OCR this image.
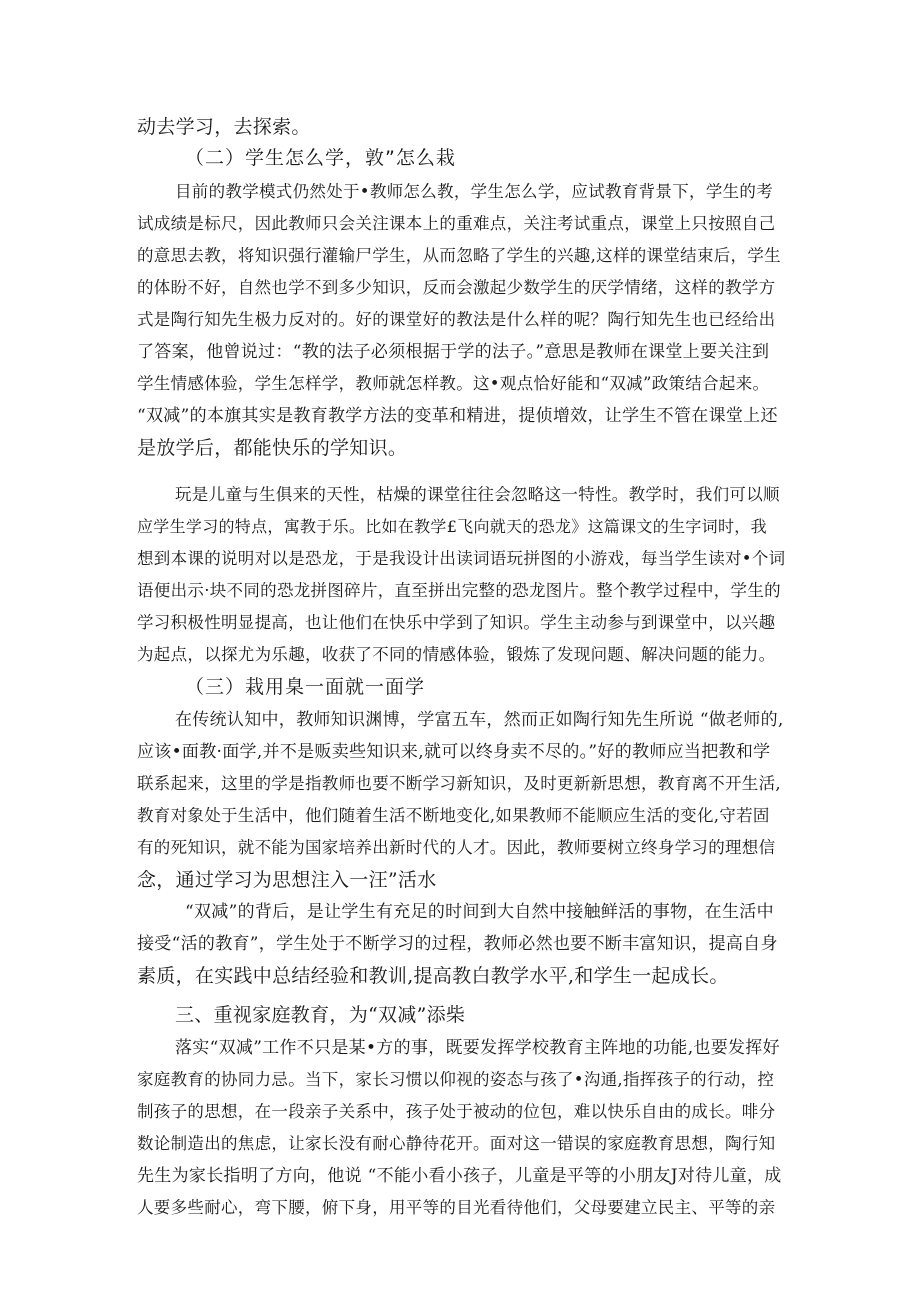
动去学习，去探索。
（二）学生怎么学，敦”怎么栽
目前的教学模式仍然处于•教师怎么教，学生怎么学，应试教育背景下，学生的考
试成绩是标尺，因此教师只会关注课本上的重难点，关注考试重点，课堂上只按照自己
的意思去教，将知识强行灌输尸学生，从而忽略了学生的兴趣,这样的课堂结束后，学生
的体盼不好，自然也学不到多少知识，反而会激起少数学生的厌学情绪，这样的教学方
式是陶行知先生极力反对的。好的课堂好的教法是什么样的呢？陶行知先生也已经给出
了答案，他曾说过：“教的法子必须根据于学的法子。”意思是教师在课堂上要关注到
学生情感体验，学生怎样学，教师就怎样教。这•观点恰好能和“双减”政策结合起来。
“双减”的本旗其实是教育教学方法的变革和精进，提侦增效，让学生不管在课堂上还
是放学后，都能快乐的学知识。
玩是儿童与生俱来的天性，枯燥的课堂往往会忽略这一特性。教学时，我们可以顺
应学生学习的特点，寓教于乐。比如在教学£飞向就天的恐龙》这篇课文的生字词时，我
想到本课的说明对以是恐龙，于是我设计出读词语玩拼图的小游戏，每当学生读对•个词
语便出示·块不同的恐龙拼图碎片，直至拼出完整的恐龙图片。整个教学过程中，学生的
学习积极性明显提高，也让他们在快乐中学到了知识。学生主动参与到课堂中，以兴趣
为起点，以探尤为乐趣，收获了不同的情感体验，锻炼了发现问题、解决问题的能力。
（三）栽用臬一面就一面学
在传统认知中，教师知识渊博，学富五车，然而正如陶行知先生所说 “做老师的,
应该•面教·面学,并不是贩卖些知识来,就可以终身卖不尽的。”好的教师应当把教和学
联系起来，这里的学是指教师也要不断学习新知识，及时更新新思想，教育离不开生活,
教育对象处于生活中，他们随着生活不断地变化,如果教师不能顺应生活的变化,守若固
有的死知识，就不能为国家培养出新时代的人才。因此，教师要树立终身学习的理想信
念，通过学习为思想注入一汪”活水
“双减”的背后，是让学生有充足的时间到大自然中接触鲜活的事物，在生活中
接受“活的教育”，学生处于不断学习的过程，教师必然也要不断丰富知识，提高自身
素质，在实践中总结经验和教训,提高教白教学水平,和学生一起成长。
三、重视家庭教育，为“双减”添柴
落实“双减”工作不只是某•方的事，既要发挥学校教育主阵地的功能,也要发挥好
家庭教育的协同力忌。当下，家长习惯以仰视的姿态与孩了•沟通,指挥孩子的行动，控
制孩子的思想，在一段亲子关系中，孩子处于被动的位包，难以快乐自由的成长。啡分
数论制造出的焦虑，让家长没有耐心静待花开。面对这一错误的家庭教育思想，陶行知
先生为家长指明了方向，他说 “不能小看小孩子，儿童是平等的小朋友J对待儿童，成
人要多些耐心，弯下腰，俯下身，用平等的目光看待他们，父母要建立民主、平等的亲
